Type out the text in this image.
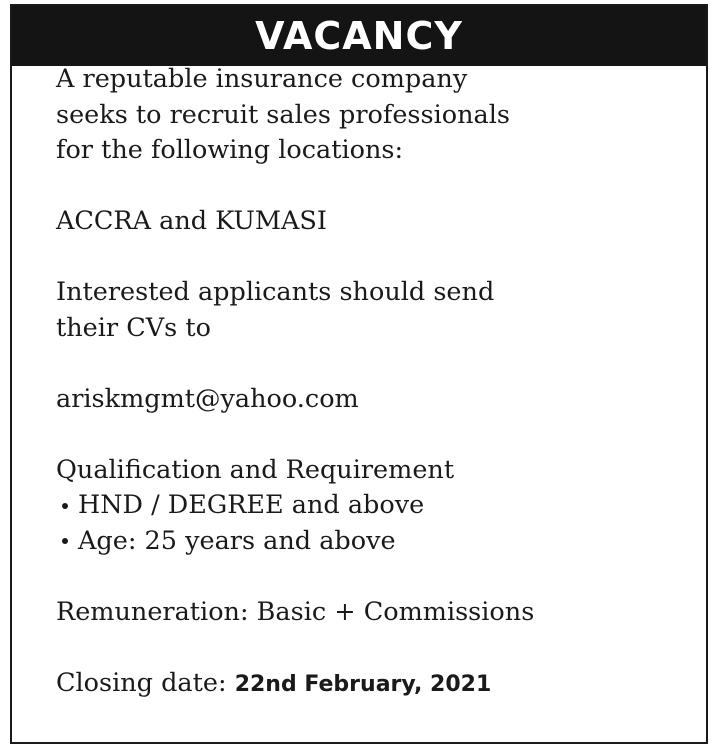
VACANCY

A reputable insurance company

seeks to recruit sales professionals

for the following locations:

ACCRA and KUMASI

Interested applicants should send

their CVs to

ariskmgmt@yahoo.com

Qualification and Requirement

HND / DEGREE and above
Age: 25 years and above

Remuneration: Basic + Commissions

Closing date: 22nd February, 2021
